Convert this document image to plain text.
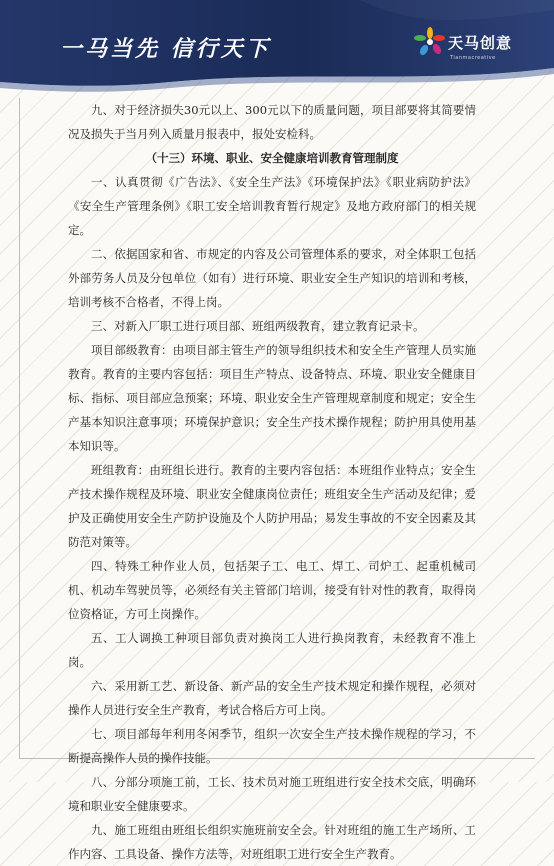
一马当先 信行天下	天马创意
Tianmacreative

九、对于经济损失30元以上、300元以下的质量问题，项目部要将其简要情况及损失于当月列入质量月报表中，报处安检科。

（十三）环境、职业、安全健康培训教育管理制度

一、认真贯彻《广告法》、《安全生产法》《环境保护法》《职业病防护法》《安全生产管理条例》《职工安全培训教育暂行规定》及地方政府部门的相关规定。

二、依据国家和省、市规定的内容及公司管理体系的要求，对全体职工包括外部劳务人员及分包单位（如有）进行环境、职业安全生产知识的培训和考核，培训考核不合格者，不得上岗。

三、对新入厂职工进行项目部、班组两级教育，建立教育记录卡。

项目部级教育：由项目部主管生产的领导组织技术和安全生产管理人员实施教育。教育的主要内容包括：项目生产特点、设备特点、环境、职业安全健康目标、指标、项目部应急预案；环境、职业安全生产管理规章制度和规定；安全生产基本知识注意事项；环境保护意识；安全生产技术操作规程；防护用具使用基本知识等。

班组教育：由班组长进行。教育的主要内容包括：本班组作业特点；安全生产技术操作规程及环境、职业安全健康岗位责任；班组安全生产活动及纪律；爱护及正确使用安全生产防护设施及个人防护用品；易发生事故的不安全因素及其防范对策等。

四、特殊工种作业人员，包括架子工、电工、焊工、司炉工、起重机械司机、机动车驾驶员等，必须经有关主管部门培训，接受有针对性的教育，取得岗位资格证，方可上岗操作。

五、工人调换工种项目部负责对换岗工人进行换岗教育，未经教育不准上岗。

六、采用新工艺、新设备、新产品的安全生产技术规定和操作规程，必须对操作人员进行安全生产教育，考试合格后方可上岗。

七、项目部每年利用冬闲季节，组织一次安全生产技术操作规程的学习，不断提高操作人员的操作技能。

八、分部分项施工前，工长、技术员对施工班组进行安全技术交底，明确环境和职业安全健康要求。

九、施工班组由班组长组织实施班前安全会。针对班组的施工生产场所、工作内容、工具设备、操作方法等，对班组职工进行安全生产教育。
